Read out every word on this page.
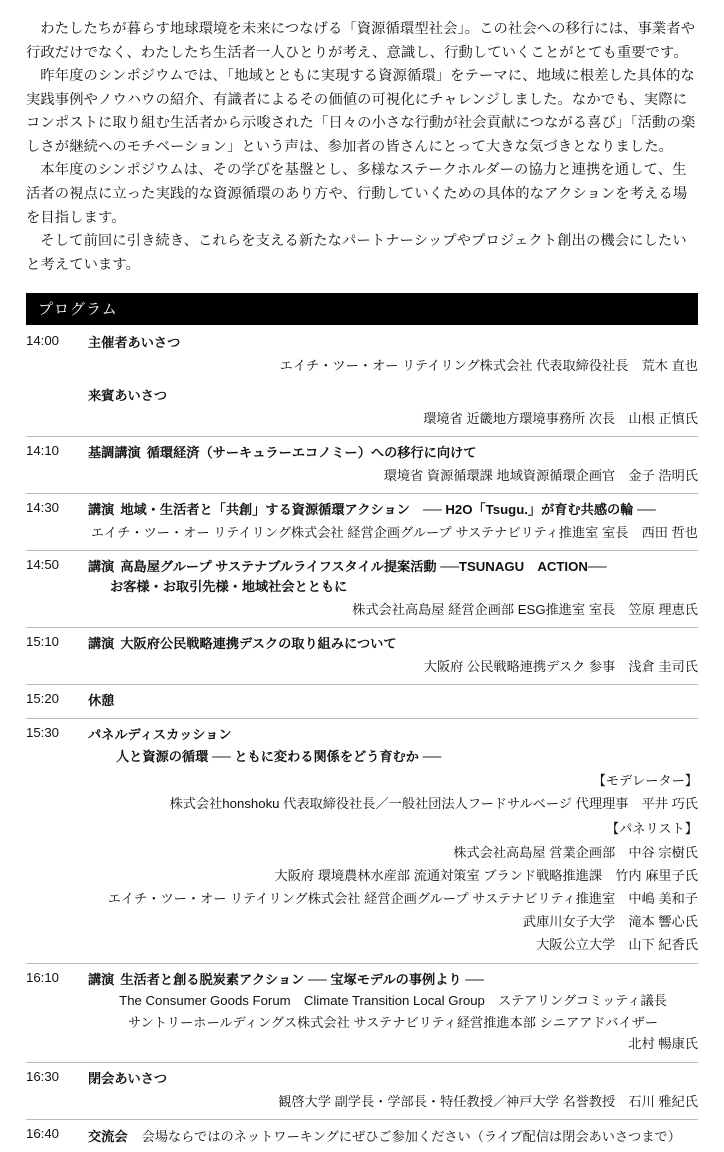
わたしたちが暮らす地球環境を未来につなげる「資源循環型社会」。この社会への移行には、事業者や行政だけでなく、わたしたち生活者一人ひとりが考え、意識し、行動していくことがとても重要です。

昨年度のシンポジウムでは、「地域とともに実現する資源循環」をテーマに、地域に根差した具体的な実践事例やノウハウの紹介、有識者によるその価値の可視化にチャレンジしました。なかでも、実際にコンポストに取り組む生活者から示唆された「日々の小さな行動が社会貢献につながる喜び」「活動の楽しさが継続へのモチベーション」という声は、参加者の皆さんにとって大きな気づきとなりました。

本年度のシンポジウムは、その学びを基盤とし、多様なステークホルダーの協力と連携を通して、生活者の視点に立った実践的な資源循環のあり方や、行動していくための具体的なアクションを考える場を目指します。

そして前回に引き続き、これらを支える新たなパートナーシップやプロジェクト創出の機会にしたいと考えています。

プログラム
14:00	主催者あいさつ
エイチ・ツー・オー リテイリング株式会社 代表取締役社長　荒木 直也
来賓あいさつ
環境省 近畿地方環境事務所 次長　山根 正慎氏

14:10	基調講演 循環経済（サーキュラーエコノミー）への移行に向けて
環境省 資源循環課 地域資源循環企画官　金子 浩明氏

14:30	講演 地域・生活者と「共創」する資源循環アクション　── H2O「Tsugu.」が育む共感の輪 ──
エイチ・ツー・オー リテイリング株式会社 経営企画グループ サステナビリティ推進室 室長　西田 哲也

14:50	講演 高島屋グループ サステナブルライフスタイル提案活動 ──TSUNAGU　ACTION──
お客様・お取引先様・地域社会とともに
株式会社高島屋 経営企画部 ESG推進室 室長　笠原 理恵氏

15:10	講演 大阪府公民戦略連携デスクの取り組みについて
大阪府 公民戦略連携デスク 参事　浅倉 圭司氏

15:20	休憩

15:30	パネルディスカッション
人と資源の循環 ── ともに変わる関係をどう育むか ──
【モデレーター】
株式会社honshoku 代表取締役社長／一般社団法人フードサルベージ 代理理事　平井 巧氏
【パネリスト】
株式会社高島屋 営業企画部　中谷 宗樹氏
大阪府 環境農林水産部 流通対策室 ブランド戦略推進課　竹内 麻里子氏
エイチ・ツー・オー リテイリング株式会社 経営企画グループ サステナビリティ推進室　中嶋 美和子
武庫川女子大学　滝本 響心氏
大阪公立大学　山下 紀香氏

16:10	講演 生活者と創る脱炭素アクション ── 宝塚モデルの事例より ──
The Consumer Goods Forum　Climate Transition Local Group　ステアリングコミッティ議長
サントリーホールディングス株式会社 サステナビリティ経営推進本部 シニアアドバイザー
北村 暢康氏

16:30	閉会あいさつ
観啓大学 副学長・学部長・特任教授／神戸大学 名誉教授　石川 雅紀氏

16:40	交流会 会場ならではのネットワーキングにぜひご参加ください（ライブ配信は閉会あいさつまで）
